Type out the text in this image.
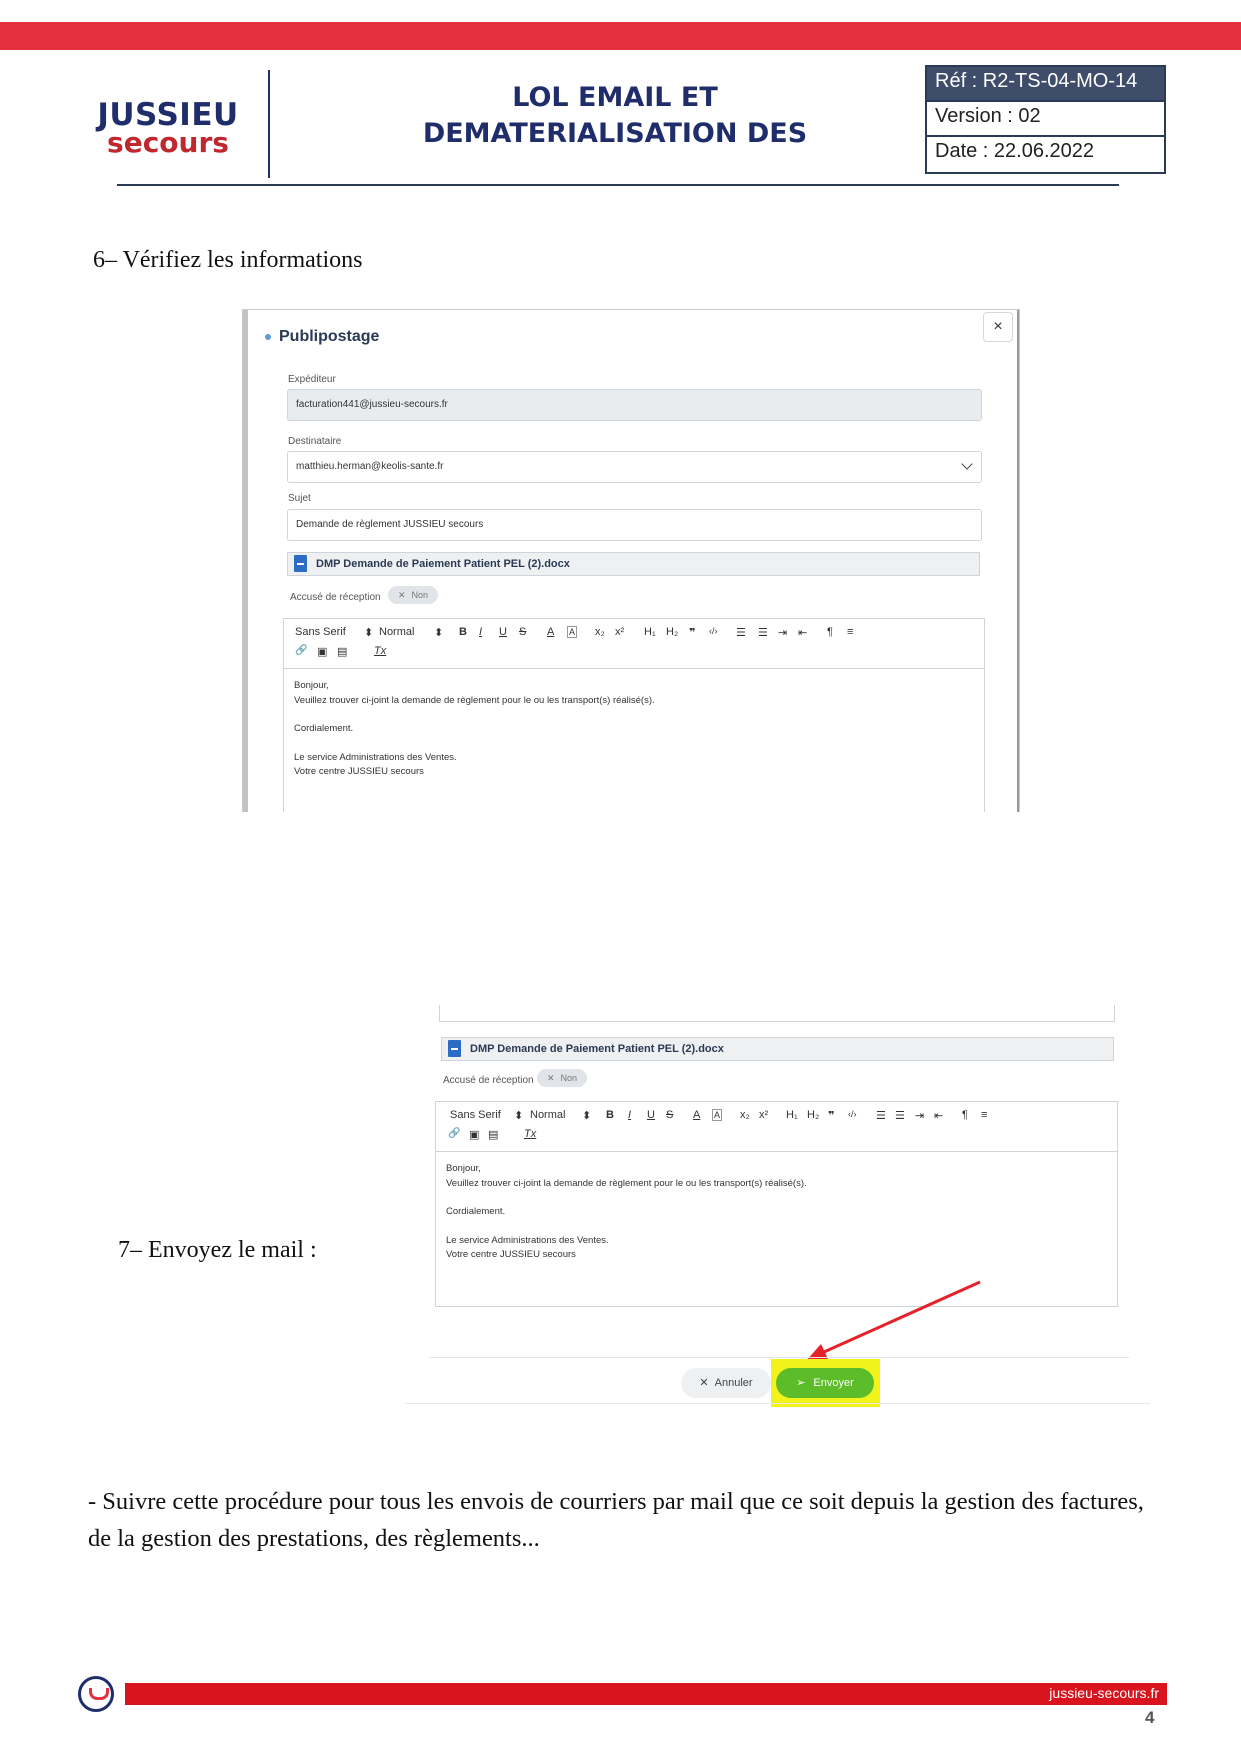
JUSSIEU
secours
LOL EMAIL ET
DEMATERIALISATION DES
Réf : R2-TS-04-MO-14
Version : 02
Date : 22.06.2022
6– Vérifiez les informations
Publipostage
×
Expéditeur
facturation441@jussieu-secours.fr
Destinataire
matthieu.herman@keolis-sante.fr
Sujet
Demande de règlement JUSSIEU secours
DMP Demande de Paiement Patient PEL (2).docx
Accusé de réception	✕ Non
Sans Serif ⬍ Normal ⬍ B I U S A A x₂ x² H₁ H₂ ❞ ‹/› ☰ ☰ ⇥ ⇤ ¶ ≡
🔗 ▣ ▤ Tx

Bonjour,

Veuillez trouver ci-joint la demande de règlement pour le ou les transport(s) réalisé(s).

Cordialement.

Le service Administrations des Ventes.

Votre centre JUSSIEU secours

7– Envoyez le mail :
DMP Demande de Paiement Patient PEL (2).docx
Accusé de réception	✕ Non
Sans Serif ⬍ Normal ⬍ B I U S A A x₂ x² H₁ H₂ ❞ ‹/› ☰ ☰ ⇥ ⇤ ¶ ≡
🔗 ▣ ▤ Tx

Bonjour,

Veuillez trouver ci-joint la demande de règlement pour le ou les transport(s) réalisé(s).

Cordialement.

Le service Administrations des Ventes.

Votre centre JUSSIEU secours

✕ Annuler	➢ Envoyer
- Suivre cette procédure pour tous les envois de courriers par mail que ce soit depuis la gestion des factures, de la gestion des prestations, des règlements...
jussieu-secours.fr
4
